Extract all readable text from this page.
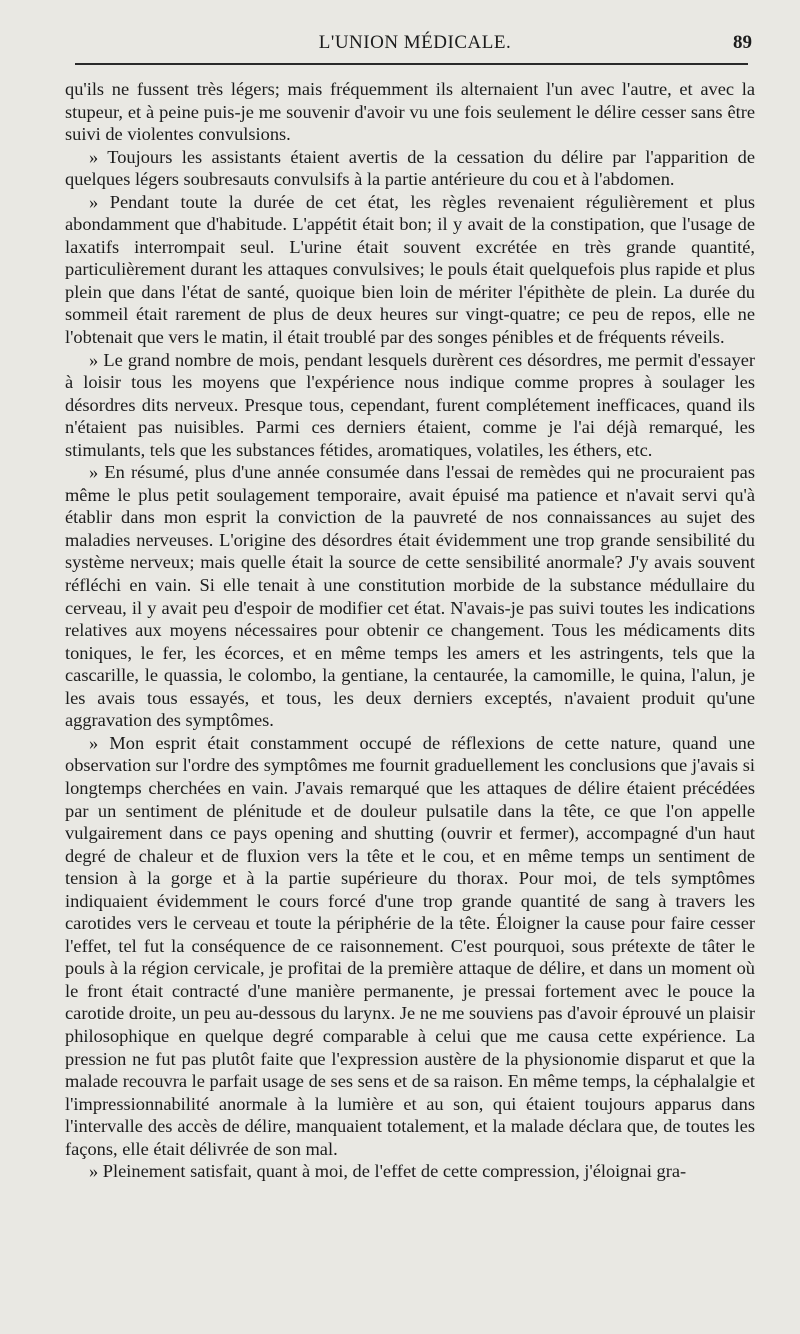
L'UNION MÉDICALE.	89

qu'ils ne fussent très légers; mais fréquemment ils alternaient l'un avec l'autre, et avec la stupeur, et à peine puis-je me souvenir d'avoir vu une fois seulement le délire cesser sans être suivi de violentes convulsions.

» Toujours les assistants étaient avertis de la cessation du délire par l'apparition de quelques légers soubresauts convulsifs à la partie antérieure du cou et à l'abdomen.

» Pendant toute la durée de cet état, les règles revenaient régulièrement et plus abondamment que d'habitude. L'appétit était bon; il y avait de la constipation, que l'usage de laxatifs interrompait seul. L'urine était souvent excrétée en très grande quantité, particulièrement durant les attaques convulsives; le pouls était quelquefois plus rapide et plus plein que dans l'état de santé, quoique bien loin de mériter l'épithète de plein. La durée du sommeil était rarement de plus de deux heures sur vingt-quatre; ce peu de repos, elle ne l'obtenait que vers le matin, il était troublé par des songes pénibles et de fréquents réveils.

» Le grand nombre de mois, pendant lesquels durèrent ces désordres, me permit d'essayer à loisir tous les moyens que l'expérience nous indique comme propres à soulager les désordres dits nerveux. Presque tous, cependant, furent complétement inefficaces, quand ils n'étaient pas nuisibles. Parmi ces derniers étaient, comme je l'ai déjà remarqué, les stimulants, tels que les substances fétides, aromatiques, volatiles, les éthers, etc.

» En résumé, plus d'une année consumée dans l'essai de remèdes qui ne procuraient pas même le plus petit soulagement temporaire, avait épuisé ma patience et n'avait servi qu'à établir dans mon esprit la conviction de la pauvreté de nos connaissances au sujet des maladies nerveuses. L'origine des désordres était évidemment une trop grande sensibilité du système nerveux; mais quelle était la source de cette sensibilité anormale? J'y avais souvent réfléchi en vain. Si elle tenait à une constitution morbide de la substance médullaire du cerveau, il y avait peu d'espoir de modifier cet état. N'avais-je pas suivi toutes les indications relatives aux moyens nécessaires pour obtenir ce changement. Tous les médicaments dits toniques, le fer, les écorces, et en même temps les amers et les astringents, tels que la cascarille, le quassia, le colombo, la gentiane, la centaurée, la camomille, le quina, l'alun, je les avais tous essayés, et tous, les deux derniers exceptés, n'avaient produit qu'une aggravation des symptômes.

» Mon esprit était constamment occupé de réflexions de cette nature, quand une observation sur l'ordre des symptômes me fournit graduellement les conclusions que j'avais si longtemps cherchées en vain. J'avais remarqué que les attaques de délire étaient précédées par un sentiment de plénitude et de douleur pulsatile dans la tête, ce que l'on appelle vulgairement dans ce pays opening and shutting (ouvrir et fermer), accompagné d'un haut degré de chaleur et de fluxion vers la tête et le cou, et en même temps un sentiment de tension à la gorge et à la partie supérieure du thorax. Pour moi, de tels symptômes indiquaient évidemment le cours forcé d'une trop grande quantité de sang à travers les carotides vers le cerveau et toute la périphérie de la tête. Éloigner la cause pour faire cesser l'effet, tel fut la conséquence de ce raisonnement. C'est pourquoi, sous prétexte de tâter le pouls à la région cervicale, je profitai de la première attaque de délire, et dans un moment où le front était contracté d'une manière permanente, je pressai fortement avec le pouce la carotide droite, un peu au-dessous du larynx. Je ne me souviens pas d'avoir éprouvé un plaisir philosophique en quelque degré comparable à celui que me causa cette expérience. La pression ne fut pas plutôt faite que l'expression austère de la physionomie disparut et que la malade recouvra le parfait usage de ses sens et de sa raison. En même temps, la céphalalgie et l'impressionnabilité anormale à la lumière et au son, qui étaient toujours apparus dans l'intervalle des accès de délire, manquaient totalement, et la malade déclara que, de toutes les façons, elle était délivrée de son mal.

» Pleinement satisfait, quant à moi, de l'effet de cette compression, j'éloignai gra-
